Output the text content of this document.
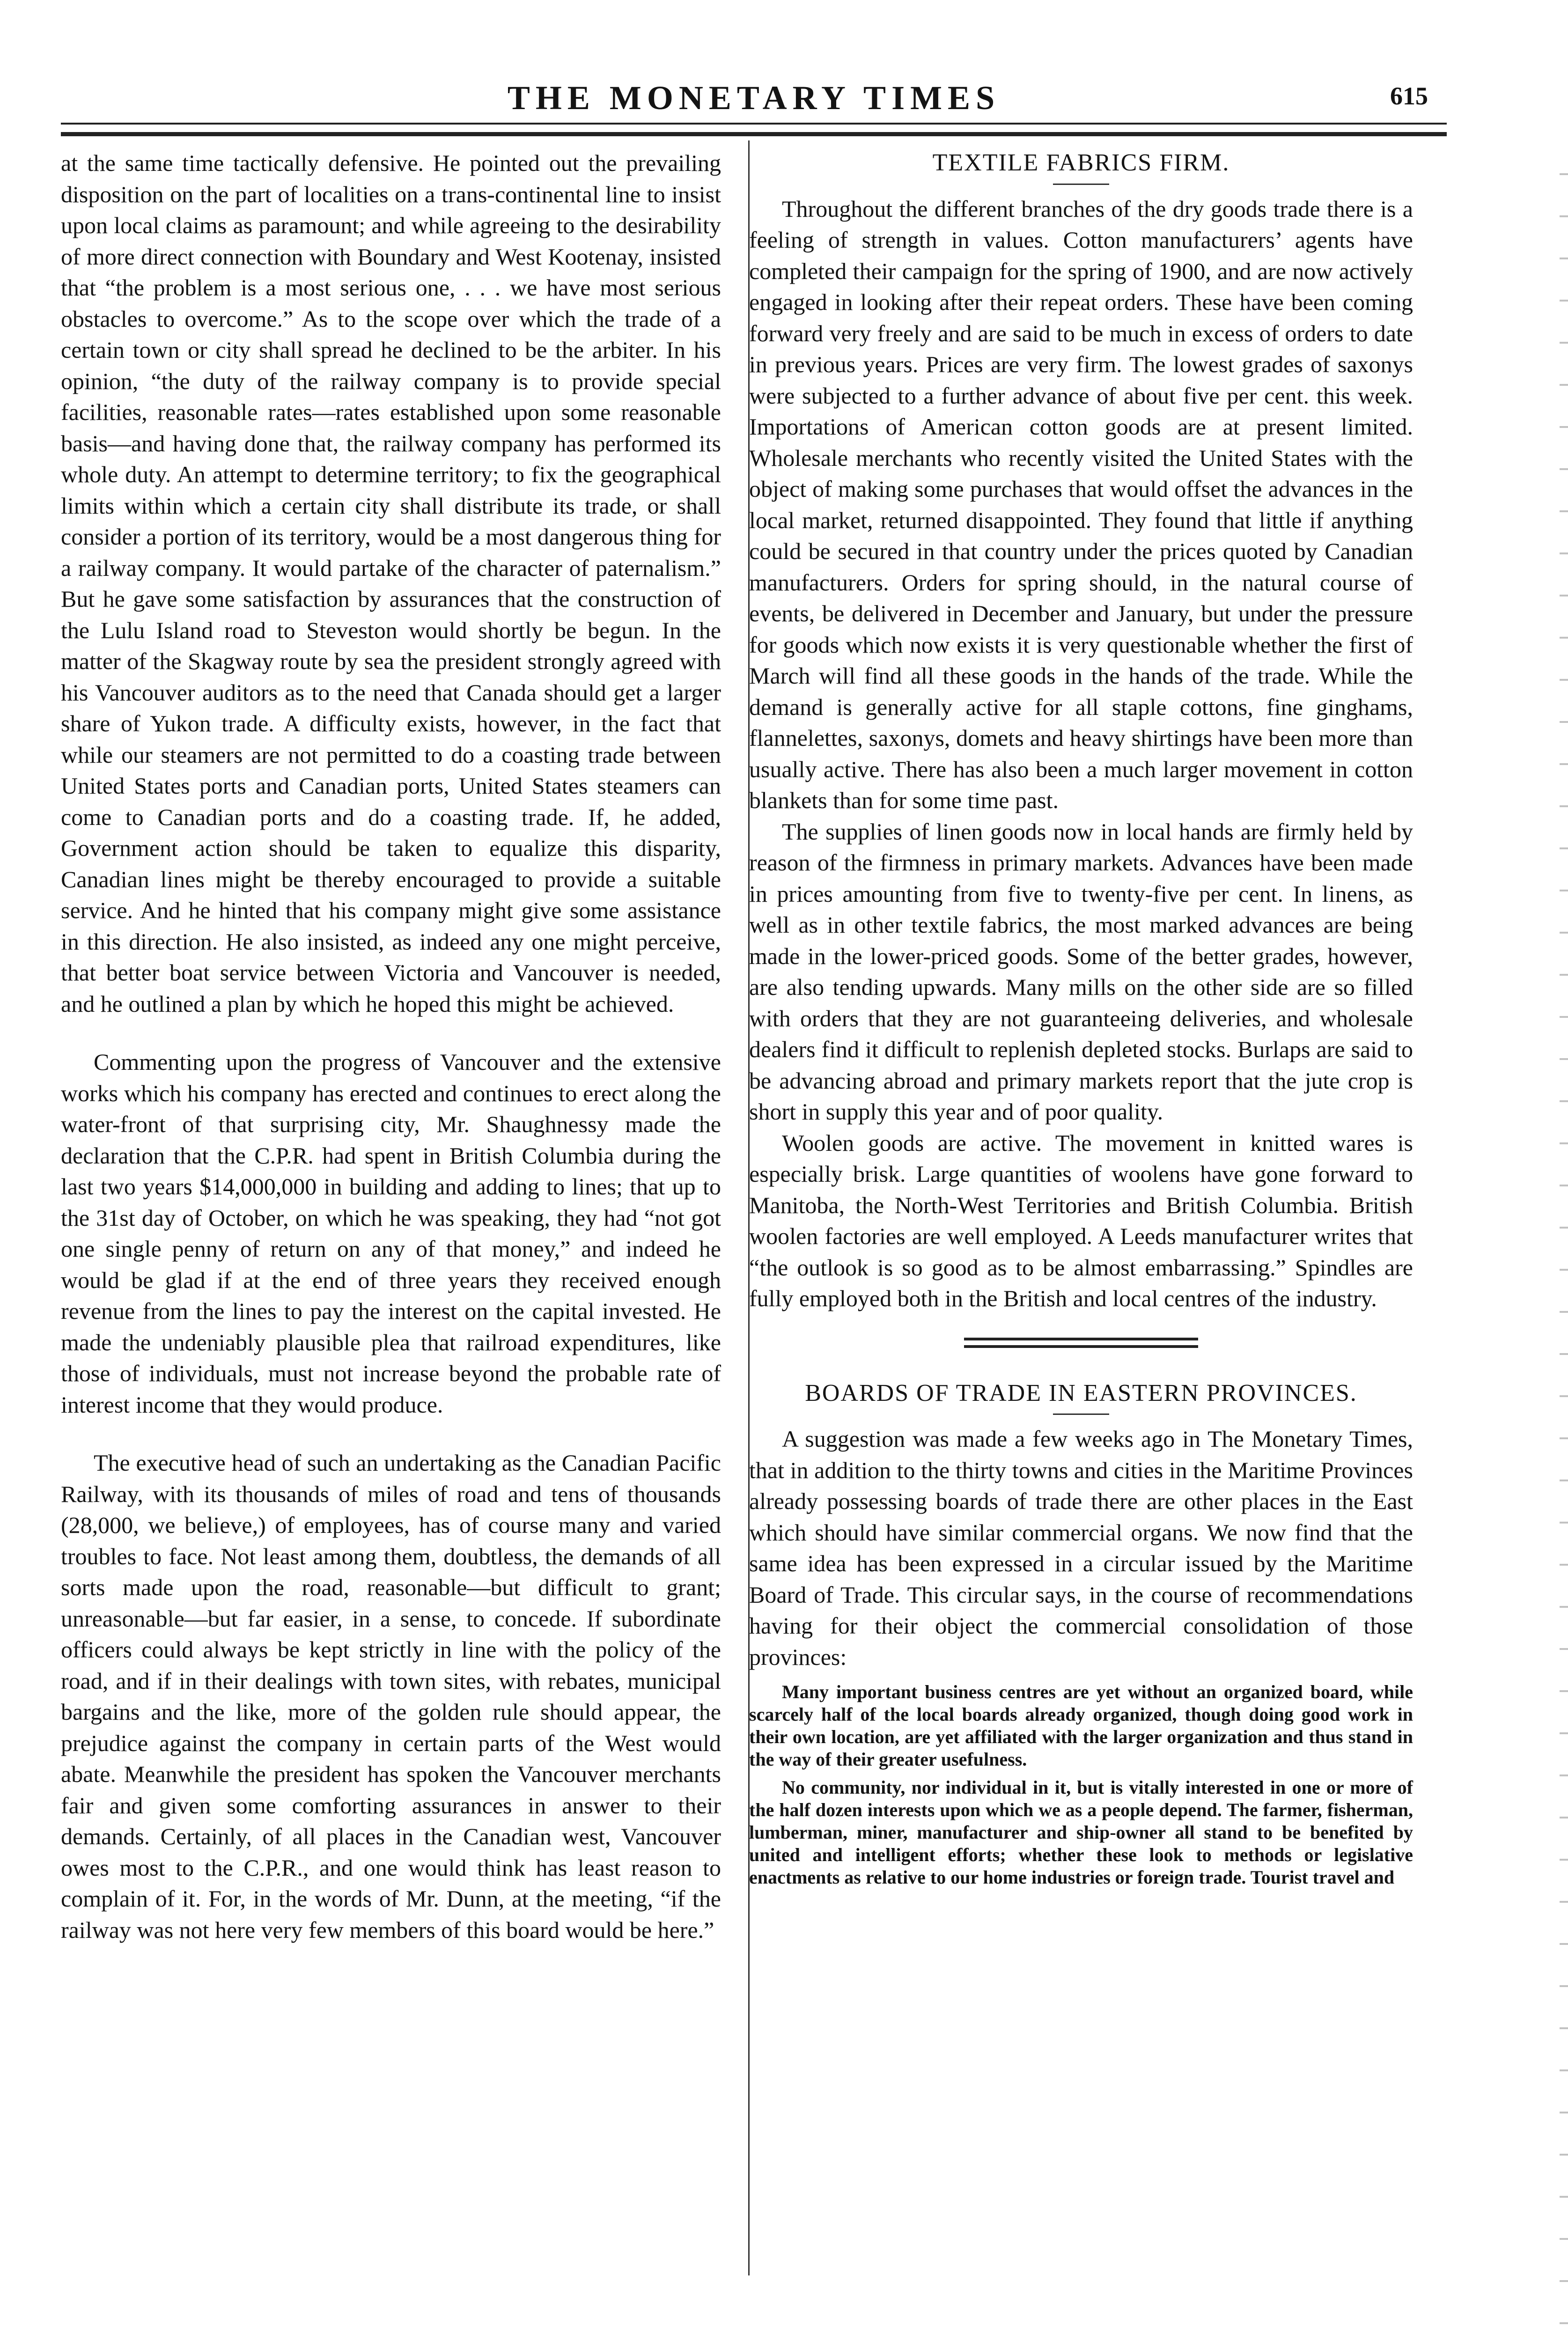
THE MONETARY TIMES	615

at the same time tactically defensive. He pointed out the prevailing disposition on the part of localities on a trans-continental line to insist upon local claims as paramount; and while agreeing to the desirability of more direct connection with Boundary and West Kootenay, insisted that “the problem is a most serious one, . . . we have most serious obstacles to overcome.” As to the scope over which the trade of a certain town or city shall spread he declined to be the arbiter. In his opinion, “the duty of the railway company is to provide special facilities, reasonable rates—rates established upon some reasonable basis—and having done that, the railway company has performed its whole duty. An attempt to determine territory; to fix the geographical limits within which a certain city shall distribute its trade, or shall consider a portion of its territory, would be a most dangerous thing for a railway company. It would partake of the character of paternalism.” But he gave some satisfaction by assurances that the construction of the Lulu Island road to Steveston would shortly be begun. In the matter of the Skagway route by sea the president strongly agreed with his Vancouver auditors as to the need that Canada should get a larger share of Yukon trade. A difficulty exists, however, in the fact that while our steamers are not permitted to do a coasting trade between United States ports and Canadian ports, United States steamers can come to Canadian ports and do a coasting trade. If, he added, Government action should be taken to equalize this disparity, Canadian lines might be thereby encouraged to provide a suitable service. And he hinted that his company might give some assistance in this direction. He also insisted, as indeed any one might perceive, that better boat service between Victoria and Vancouver is needed, and he outlined a plan by which he hoped this might be achieved.

Commenting upon the progress of Vancouver and the extensive works which his company has erected and continues to erect along the water-front of that surprising city, Mr. Shaughnessy made the declaration that the C.P.R. had spent in British Columbia during the last two years $14,000,000 in building and adding to lines; that up to the 31st day of October, on which he was speaking, they had “not got one single penny of return on any of that money,” and indeed he would be glad if at the end of three years they received enough revenue from the lines to pay the interest on the capital invested. He made the undeniably plausible plea that railroad expenditures, like those of individuals, must not increase beyond the probable rate of interest income that they would produce.

The executive head of such an undertaking as the Canadian Pacific Railway, with its thousands of miles of road and tens of thousands (28,000, we believe,) of employees, has of course many and varied troubles to face. Not least among them, doubtless, the demands of all sorts made upon the road, reasonable—but difficult to grant; unreasonable—but far easier, in a sense, to concede. If subordinate officers could always be kept strictly in line with the policy of the road, and if in their dealings with town sites, with rebates, municipal bargains and the like, more of the golden rule should appear, the prejudice against the company in certain parts of the West would abate. Meanwhile the president has spoken the Vancouver merchants fair and given some comforting assurances in answer to their demands. Certainly, of all places in the Canadian west, Vancouver owes most to the C.P.R., and one would think has least reason to complain of it. For, in the words of Mr. Dunn, at the meeting, “if the railway was not here very few members of this board would be here.”

TEXTILE FABRICS FIRM.

Throughout the different branches of the dry goods trade there is a feeling of strength in values. Cotton manufacturers’ agents have completed their campaign for the spring of 1900, and are now actively engaged in looking after their repeat orders. These have been coming forward very freely and are said to be much in excess of orders to date in previous years. Prices are very firm. The lowest grades of saxonys were subjected to a further advance of about five per cent. this week. Importations of American cotton goods are at present limited. Wholesale merchants who recently visited the United States with the object of making some purchases that would offset the advances in the local market, returned disappointed. They found that little if anything could be secured in that country under the prices quoted by Canadian manufacturers. Orders for spring should, in the natural course of events, be delivered in December and January, but under the pressure for goods which now exists it is very questionable whether the first of March will find all these goods in the hands of the trade. While the demand is generally active for all staple cottons, fine ginghams, flannelettes, saxonys, domets and heavy shirtings have been more than usually active. There has also been a much larger movement in cotton blankets than for some time past.

The supplies of linen goods now in local hands are firmly held by reason of the firmness in primary markets. Advances have been made in prices amounting from five to twenty-five per cent. In linens, as well as in other textile fabrics, the most marked advances are being made in the lower-priced goods. Some of the better grades, however, are also tending upwards. Many mills on the other side are so filled with orders that they are not guaranteeing deliveries, and wholesale dealers find it difficult to replenish depleted stocks. Burlaps are said to be advancing abroad and primary markets report that the jute crop is short in supply this year and of poor quality.

Woolen goods are active. The movement in knitted wares is especially brisk. Large quantities of woolens have gone forward to Manitoba, the North-West Territories and British Columbia. British woolen factories are well employed. A Leeds manufacturer writes that “the outlook is so good as to be almost embarrassing.” Spindles are fully employed both in the British and local centres of the industry.

BOARDS OF TRADE IN EASTERN PROVINCES.

A suggestion was made a few weeks ago in The Monetary Times, that in addition to the thirty towns and cities in the Maritime Provinces already possessing boards of trade there are other places in the East which should have similar commercial organs. We now find that the same idea has been expressed in a circular issued by the Maritime Board of Trade. This circular says, in the course of recommendations having for their object the commercial consolidation of those provinces:

Many important business centres are yet without an organized board, while scarcely half of the local boards already organized, though doing good work in their own location, are yet affiliated with the larger organization and thus stand in the way of their greater usefulness.

No community, nor individual in it, but is vitally interested in one or more of the half dozen interests upon which we as a people depend. The farmer, fisherman, lumberman, miner, manufacturer and ship-owner all stand to be benefited by united and intelligent efforts; whether these look to methods or legislative enactments as relative to our home industries or foreign trade. Tourist travel and
